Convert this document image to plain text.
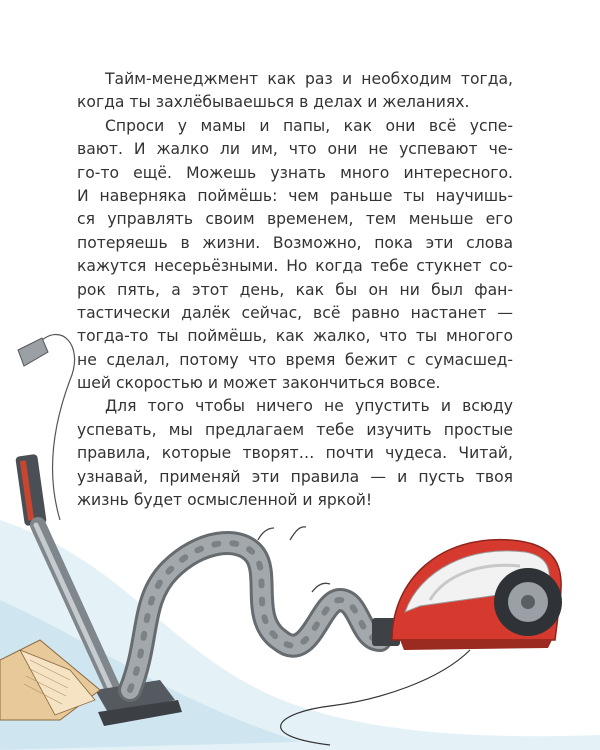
Тайм-менеджмент как раз и необходим тогда,
когда ты захлёбываешься в делах и желаниях.
Спроси у мамы и папы, как они всё успе-
вают. И жалко ли им, что они не успевают че-
го-то ещё. Можешь узнать много интересного.
И наверняка поймёшь: чем раньше ты научишь-
ся управлять своим временем, тем меньше его
потеряешь в жизни. Возможно, пока эти слова
кажутся несерьёзными. Но когда тебе стукнет со-
рок пять, а этот день, как бы он ни был фан-
тастически далёк сейчас, всё равно настанет —
тогда-то ты поймёшь, как жалко, что ты многого
не сделал, потому что время бежит с сумасшед-
шей скоростью и может закончиться вовсе.
Для того чтобы ничего не упустить и всюду
успевать, мы предлагаем тебе изучить простые
правила, которые творят… почти чудеса. Читай,
узнавай, применяй эти правила — и пусть твоя
жизнь будет осмысленной и яркой!
